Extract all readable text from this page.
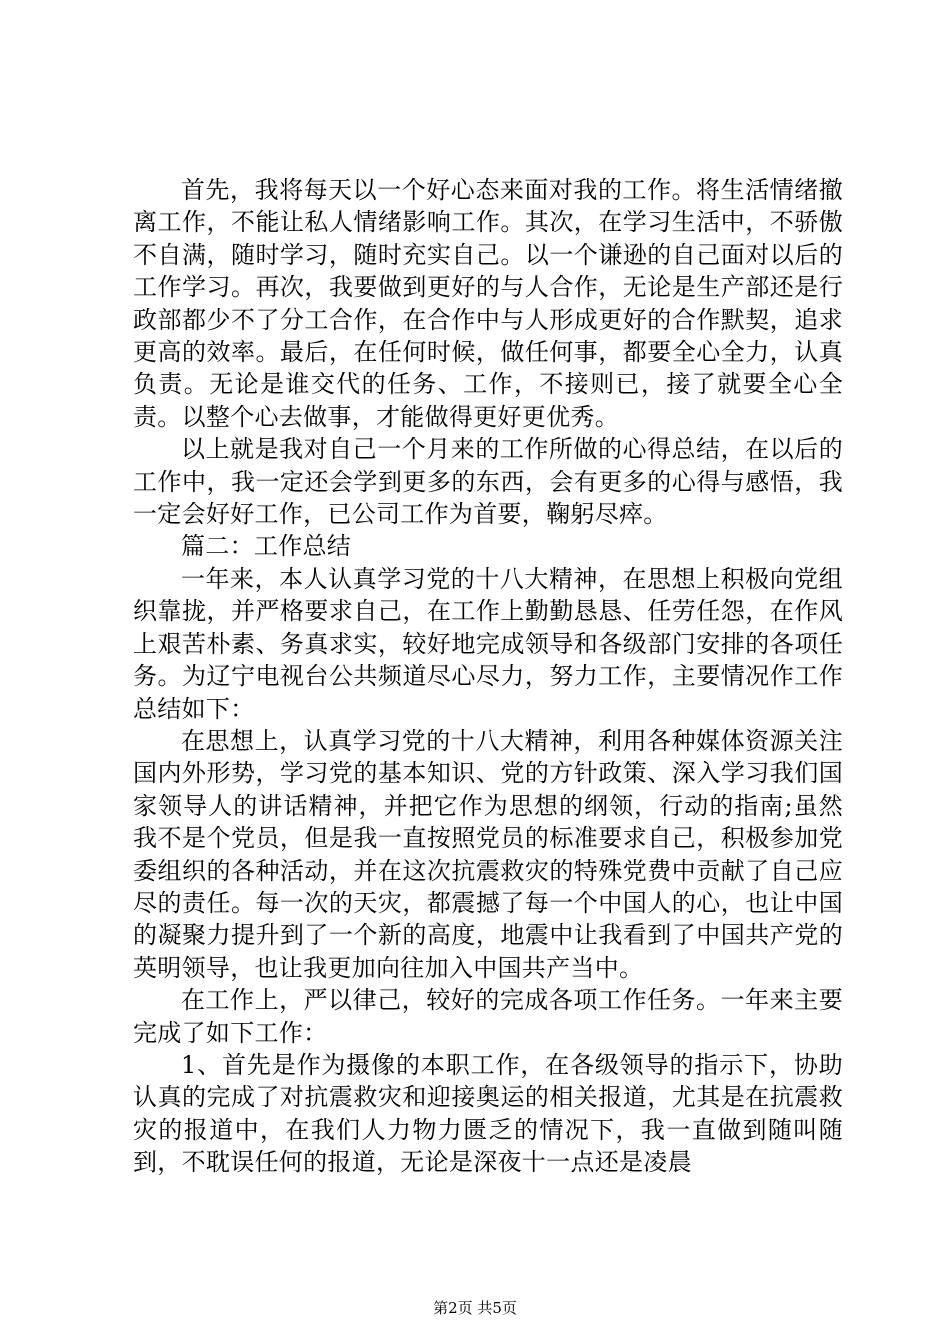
首先，我将每天以一个好心态来面对我的工作。将生活情绪撤离工作，不能让私人情绪影响工作。其次，在学习生活中，不骄傲不自满，随时学习，随时充实自己。以一个谦逊的自己面对以后的工作学习。再次，我要做到更好的与人合作，无论是生产部还是行政部都少不了分工合作，在合作中与人形成更好的合作默契，追求更高的效率。最后，在任何时候，做任何事，都要全心全力，认真负责。无论是谁交代的任务、工作，不接则已，接了就要全心全责。以整个心去做事，才能做得更好更优秀。

以上就是我对自己一个月来的工作所做的心得总结，在以后的工作中，我一定还会学到更多的东西，会有更多的心得与感悟，我一定会好好工作，已公司工作为首要，鞠躬尽瘁。

篇二：工作总结

一年来，本人认真学习党的十八大精神，在思想上积极向党组织靠拢，并严格要求自己，在工作上勤勤恳恳、任劳任怨，在作风上艰苦朴素、务真求实，较好地完成领导和各级部门安排的各项任务。为辽宁电视台公共频道尽心尽力，努力工作，主要情况作工作总结如下：

在思想上，认真学习党的十八大精神，利用各种媒体资源关注国内外形势，学习党的基本知识、党的方针政策、深入学习我们国家领导人的讲话精神，并把它作为思想的纲领，行动的指南;虽然我不是个党员，但是我一直按照党员的标准要求自己，积极参加党委组织的各种活动，并在这次抗震救灾的特殊党费中贡献了自己应尽的责任。每一次的天灾，都震撼了每一个中国人的心，也让中国的凝聚力提升到了一个新的高度，地震中让我看到了中国共产党的英明领导，也让我更加向往加入中国共产当中。

在工作上，严以律己，较好的完成各项工作任务。一年来主要完成了如下工作：

1、首先是作为摄像的本职工作，在各级领导的指示下，协助认真的完成了对抗震救灾和迎接奥运的相关报道，尤其是在抗震救灾的报道中，在我们人力物力匮乏的情况下，我一直做到随叫随到，不耽误任何的报道，无论是深夜十一点还是凌晨

第2页 共5页
